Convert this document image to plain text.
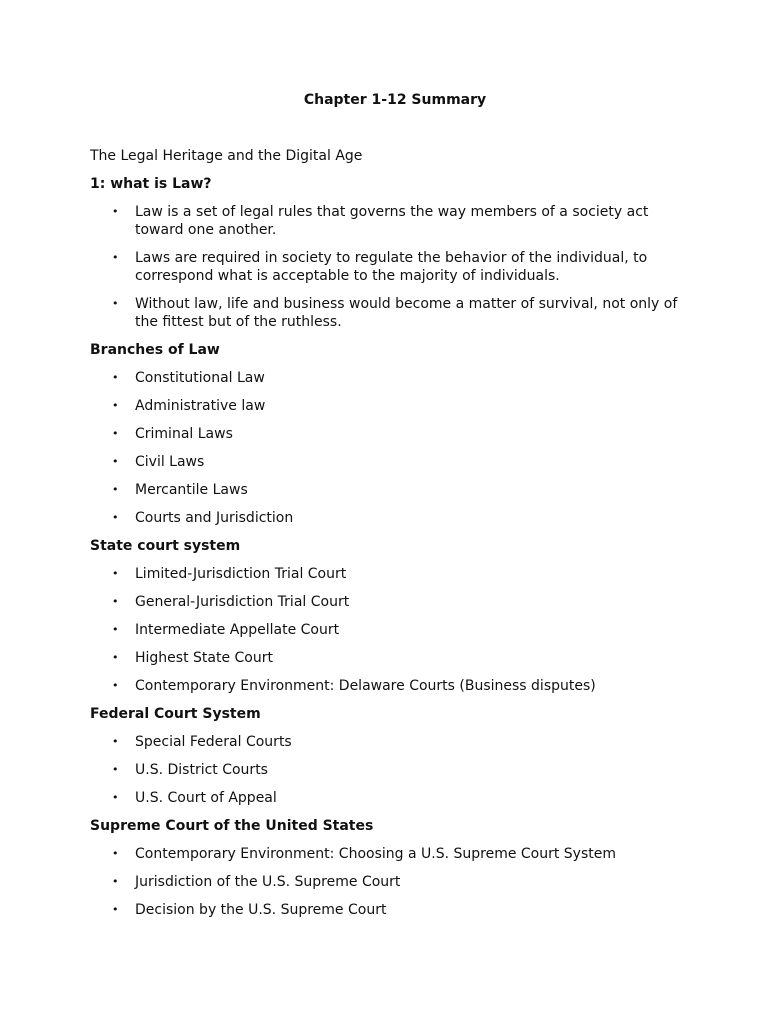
Chapter 1-12 Summary
The Legal Heritage and the Digital Age
1: what is Law?
• Law is a set of legal rules that governs the way members of a society act toward one another.
• Laws are required in society to regulate the behavior of the individual, to correspond what is acceptable to the majority of individuals.
• Without law, life and business would become a matter of survival, not only of the fittest but of the ruthless.
Branches of Law
• Constitutional Law
• Administrative law
• Criminal Laws
• Civil Laws
• Mercantile Laws
• Courts and Jurisdiction
State court system
• Limited-Jurisdiction Trial Court
• General-Jurisdiction Trial Court
• Intermediate Appellate Court
• Highest State Court
• Contemporary Environment: Delaware Courts (Business disputes)
Federal Court System
• Special Federal Courts
• U.S. District Courts
• U.S. Court of Appeal
Supreme Court of the United States
• Contemporary Environment: Choosing a U.S. Supreme Court System
• Jurisdiction of the U.S. Supreme Court
• Decision by the U.S. Supreme Court
